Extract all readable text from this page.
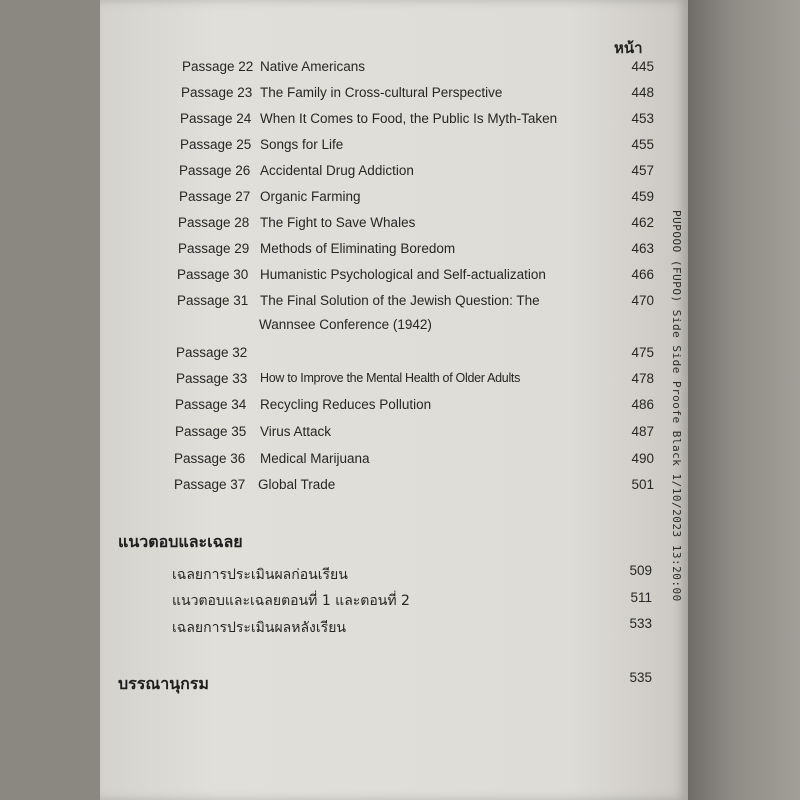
PUPOOO (FUPO) Side Side Proofe Black 1/10/2023 13:20:00
หน้า
Passage 22 Native Americans	445
Passage 23 The Family in Cross-cultural Perspective	448
Passage 24 When It Comes to Food, the Public Is Myth-Taken	453
Passage 25 Songs for Life	455
Passage 26 Accidental Drug Addiction	457
Passage 27 Organic Farming	459
Passage 28 The Fight to Save Whales	462
Passage 29 Methods of Eliminating Boredom	463
Passage 30 Humanistic Psychological and Self-actualization	466
Passage 31 The Final Solution of the Jewish Question: The	470
Wannsee Conference (1942)
Passage 32	475
Passage 33 How to Improve the Mental Health of Older Adults	478
Passage 34 Recycling Reduces Pollution	486
Passage 35 Virus Attack	487
Passage 36 Medical Marijuana	490
Passage 37 Global Trade	501
แนวตอบและเฉลย
เฉลยการประเมินผลก่อนเรียน	509
แนวตอบและเฉลยตอนที่ 1 และตอนที่ 2	511
เฉลยการประเมินผลหลังเรียน	533
บรรณานุกรม	535
